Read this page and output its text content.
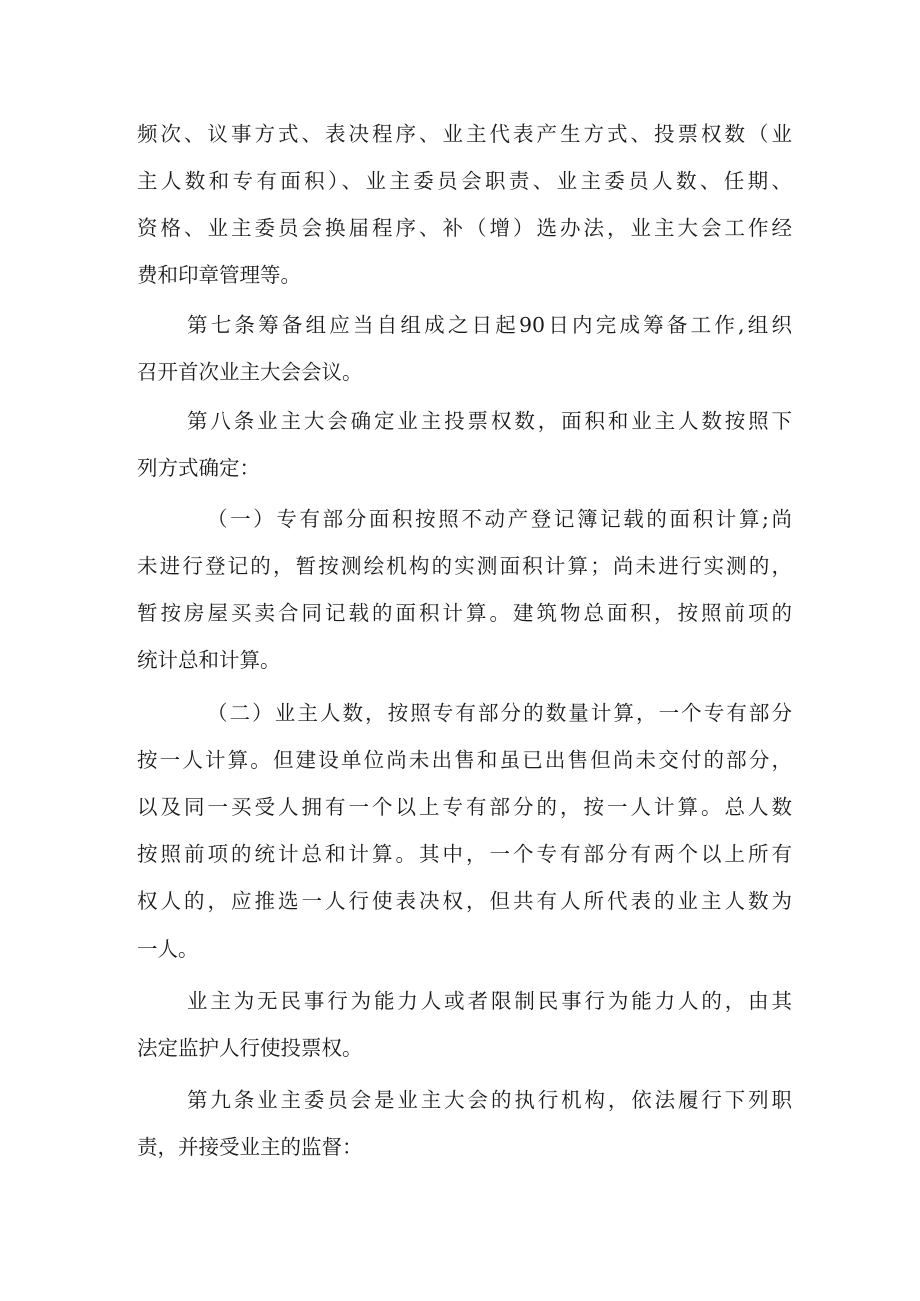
频次、议事方式、表决程序、业主代表产生方式、投票权数（业
主人数和专有面积）、业主委员会职责、业主委员人数、任期、
资格、业主委员会换届程序、补（增）选办法，业主大会工作经
费和印章管理等。
第七条筹备组应当自组成之日起90日内完成筹备工作,组织
召开首次业主大会会议。
第八条业主大会确定业主投票权数，面积和业主人数按照下
列方式确定：
（一）专有部分面积按照不动产登记簿记载的面积计算;尚
未进行登记的，暂按测绘机构的实测面积计算；尚未进行实测的，
暂按房屋买卖合同记载的面积计算。建筑物总面积，按照前项的
统计总和计算。
（二）业主人数，按照专有部分的数量计算，一个专有部分
按一人计算。但建设单位尚未出售和虽已出售但尚未交付的部分，
以及同一买受人拥有一个以上专有部分的，按一人计算。总人数
按照前项的统计总和计算。其中，一个专有部分有两个以上所有
权人的，应推选一人行使表决权，但共有人所代表的业主人数为
一人。
业主为无民事行为能力人或者限制民事行为能力人的，由其
法定监护人行使投票权。
第九条业主委员会是业主大会的执行机构，依法履行下列职
责，并接受业主的监督：
